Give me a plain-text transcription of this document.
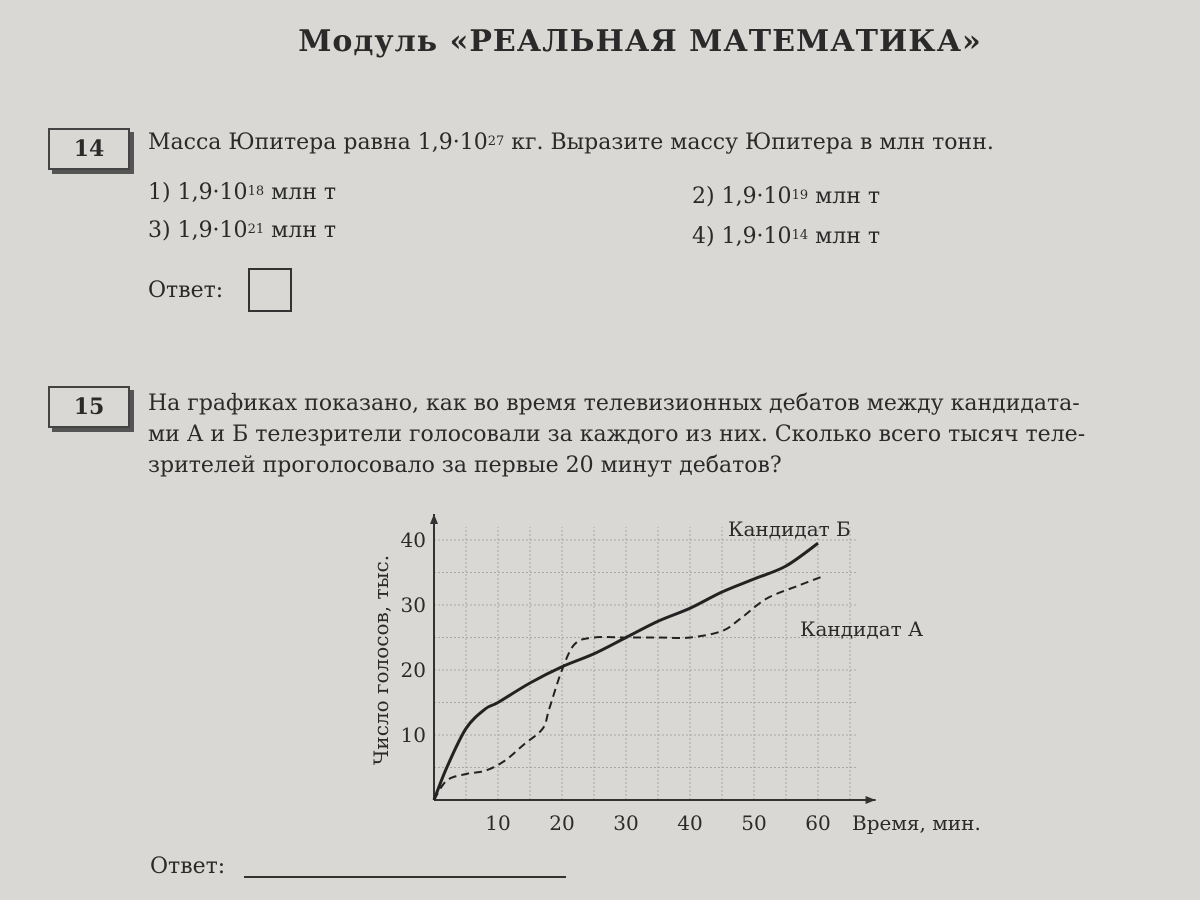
Модуль «РЕАЛЬНАЯ МАТЕМАТИКА»
14	Масса Юпитера равна $1,9\cdot 10^{27}$ кг. Выразите массу Юпитера в млн тонн.
1) $1,9\cdot 10^{18}$ млн т	2) $1,9\cdot 10^{19}$ млн т
3) $1,9\cdot 10^{21}$ млн т	4) $1,9\cdot 10^{14}$ млн т
Ответ:
15	На графиках показано, как во время телевизионных дебатов между кандидата-
ми А и Б телезрители голосовали за каждого из них. Сколько всего тысяч теле-
зрителей проголосовало за первые 20 минут дебатов?
10 20 30 40 50 60
10
20
30
40
Время, мин.
Число голосов, тыс.
Кандидат Б
Кандидат А
Ответ:
